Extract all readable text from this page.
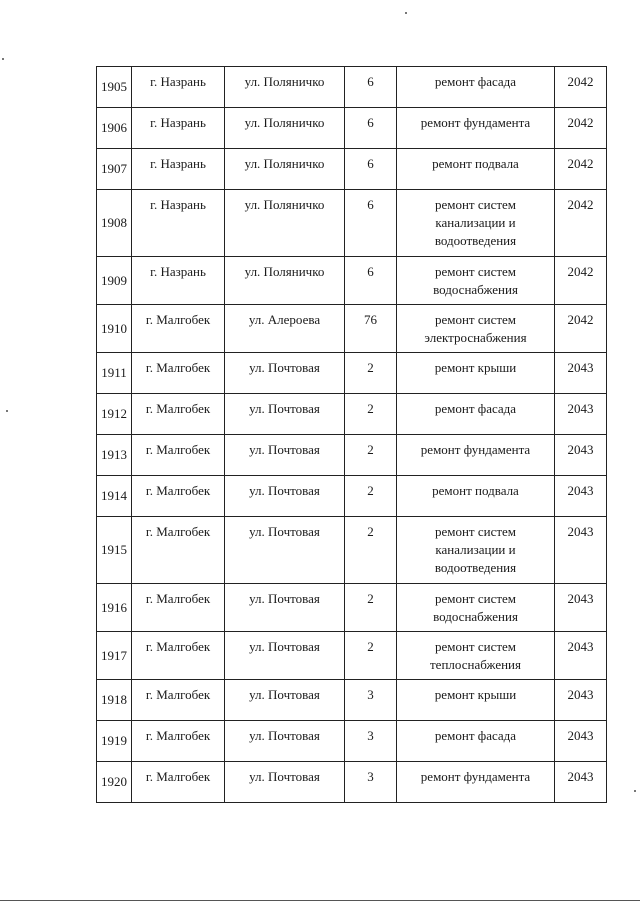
1905	г. Назрань	ул. Поляничко	6	ремонт фасада	2042
1906	г. Назрань	ул. Поляничко	6	ремонт фундамента	2042
1907	г. Назрань	ул. Поляничко	6	ремонт подвала	2042
1908	г. Назрань	ул. Поляничко	6	ремонт систем канализации и водоотведения	2042
1909	г. Назрань	ул. Поляничко	6	ремонт систем водоснабжения	2042
1910	г. Малгобек	ул. Алероева	76	ремонт систем электроснабжения	2042
1911	г. Малгобек	ул. Почтовая	2	ремонт крыши	2043
1912	г. Малгобек	ул. Почтовая	2	ремонт фасада	2043
1913	г. Малгобек	ул. Почтовая	2	ремонт фундамента	2043
1914	г. Малгобек	ул. Почтовая	2	ремонт подвала	2043
1915	г. Малгобек	ул. Почтовая	2	ремонт систем канализации и водоотведения	2043
1916	г. Малгобек	ул. Почтовая	2	ремонт систем водоснабжения	2043
1917	г. Малгобек	ул. Почтовая	2	ремонт систем теплоснабжения	2043
1918	г. Малгобек	ул. Почтовая	3	ремонт крыши	2043
1919	г. Малгобек	ул. Почтовая	3	ремонт фасада	2043
1920	г. Малгобек	ул. Почтовая	3	ремонт фундамента	2043
